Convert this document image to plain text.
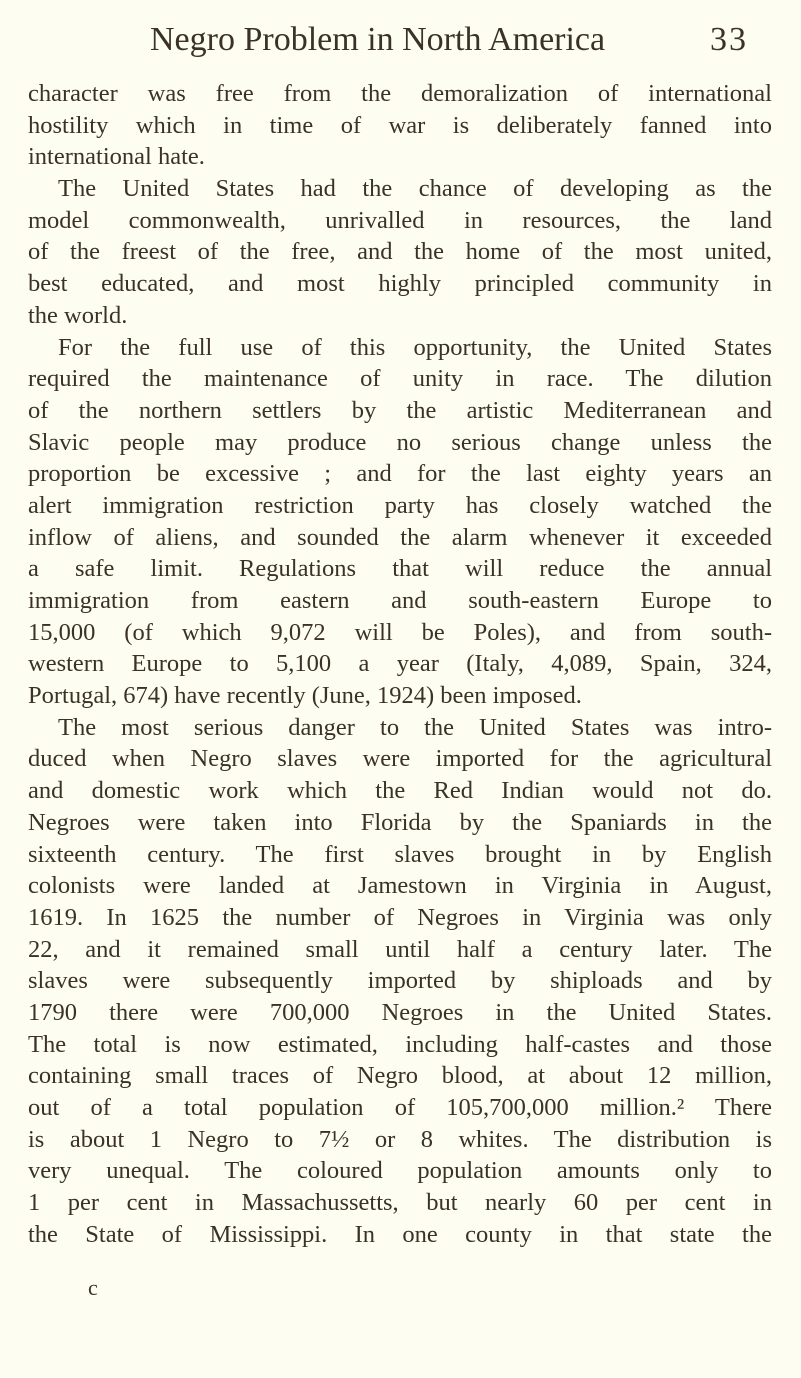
Negro Problem in North America	33
character was free from the demoralization of international
hostility which in time of war is deliberately fanned into
international hate.
The United States had the chance of developing as the
model commonwealth, unrivalled in resources, the land
of the freest of the free, and the home of the most united,
best educated, and most highly principled community in
the world.
For the full use of this opportunity, the United States
required the maintenance of unity in race. The dilution
of the northern settlers by the artistic Mediterranean and
Slavic people may produce no serious change unless the
proportion be excessive ; and for the last eighty years an
alert immigration restriction party has closely watched the
inflow of aliens, and sounded the alarm whenever it exceeded
a safe limit. Regulations that will reduce the annual
immigration from eastern and south-eastern Europe to
15,000 (of which 9,072 will be Poles), and from south-
western Europe to 5,100 a year (Italy, 4,089, Spain, 324,
Portugal, 674) have recently (June, 1924) been imposed.
The most serious danger to the United States was intro-
duced when Negro slaves were imported for the agricultural
and domestic work which the Red Indian would not do.
Negroes were taken into Florida by the Spaniards in the
sixteenth century. The first slaves brought in by English
colonists were landed at Jamestown in Virginia in August,
1619. In 1625 the number of Negroes in Virginia was only
22, and it remained small until half a century later. The
slaves were subsequently imported by shiploads and by
1790 there were 700,000 Negroes in the United States.
The total is now estimated, including half-castes and those
containing small traces of Negro blood, at about 12 million,
out of a total population of 105,700,000 million.² There
is about 1 Negro to 7½ or 8 whites. The distribution is
very unequal. The coloured population amounts only to
1 per cent in Massachussetts, but nearly 60 per cent in
the State of Mississippi. In one county in that state the
c
